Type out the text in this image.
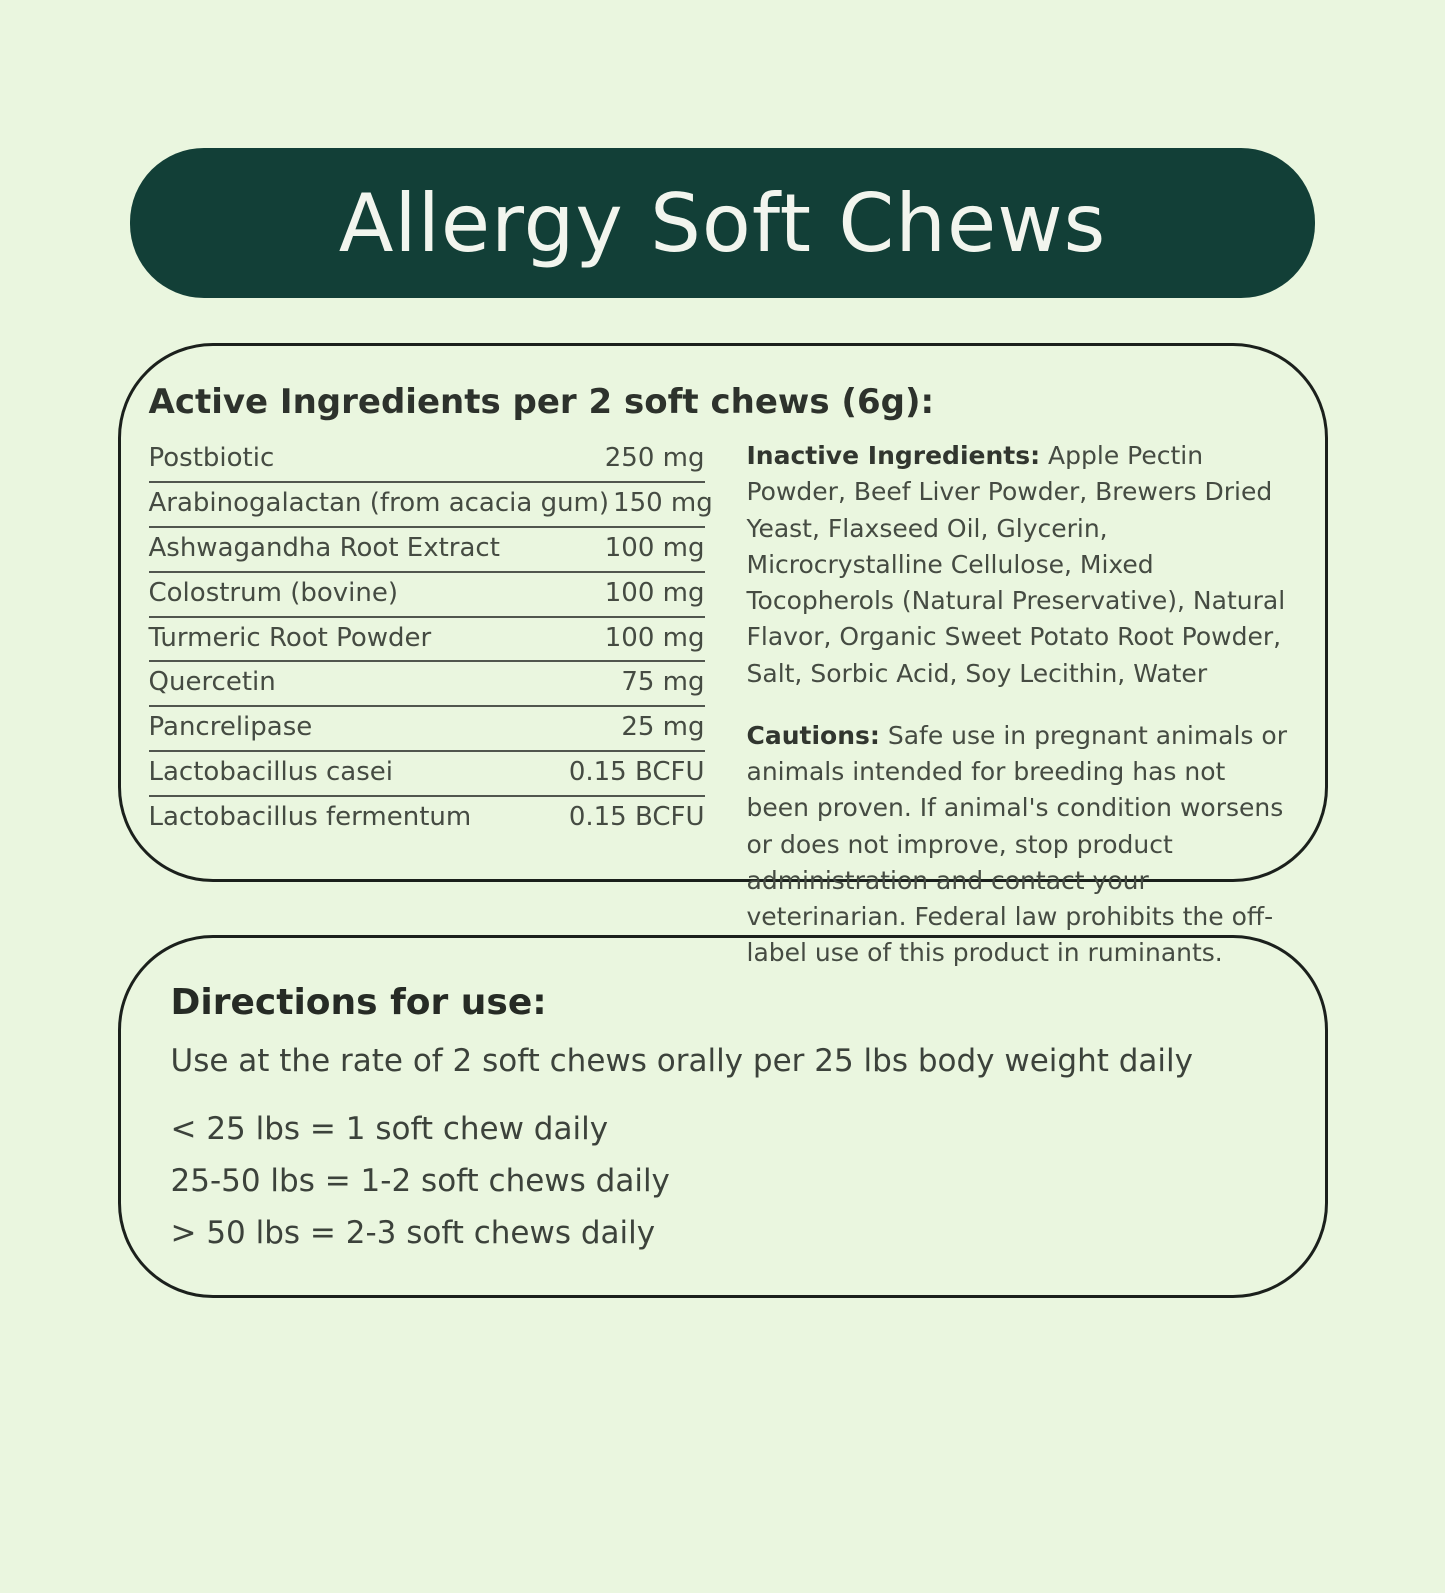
Allergy Soft Chews
Active Ingredients per 2 soft chews (6g):
Postbiotic	250 mg
Arabinogalactan (from acacia gum) 150 mg
Ashwagandha Root Extract	100 mg
Colostrum (bovine)	100 mg
Turmeric Root Powder	100 mg
Quercetin	75 mg
Pancrelipase	25 mg
Lactobacillus casei	0.15 BCFU
Lactobacillus fermentum	0.15 BCFU

Inactive Ingredients: Apple Pectin Powder, Beef Liver Powder, Brewers Dried Yeast, Flaxseed Oil, Glycerin, Microcrystalline Cellulose, Mixed Tocopherols (Natural Preservative), Natural Flavor, Organic Sweet Potato Root Powder, Salt, Sorbic Acid, Soy Lecithin, Water

Cautions: Safe use in pregnant animals or animals intended for breeding has not been proven. If animal's condition worsens or does not improve, stop product administration and contact your veterinarian. Federal law prohibits the off-label use of this product in ruminants.

Directions for use:
Use at the rate of 2 soft chews orally per 25 lbs body weight daily
< 25 lbs = 1 soft chew daily
25-50 lbs = 1-2 soft chews daily
> 50 lbs = 2-3 soft chews daily
